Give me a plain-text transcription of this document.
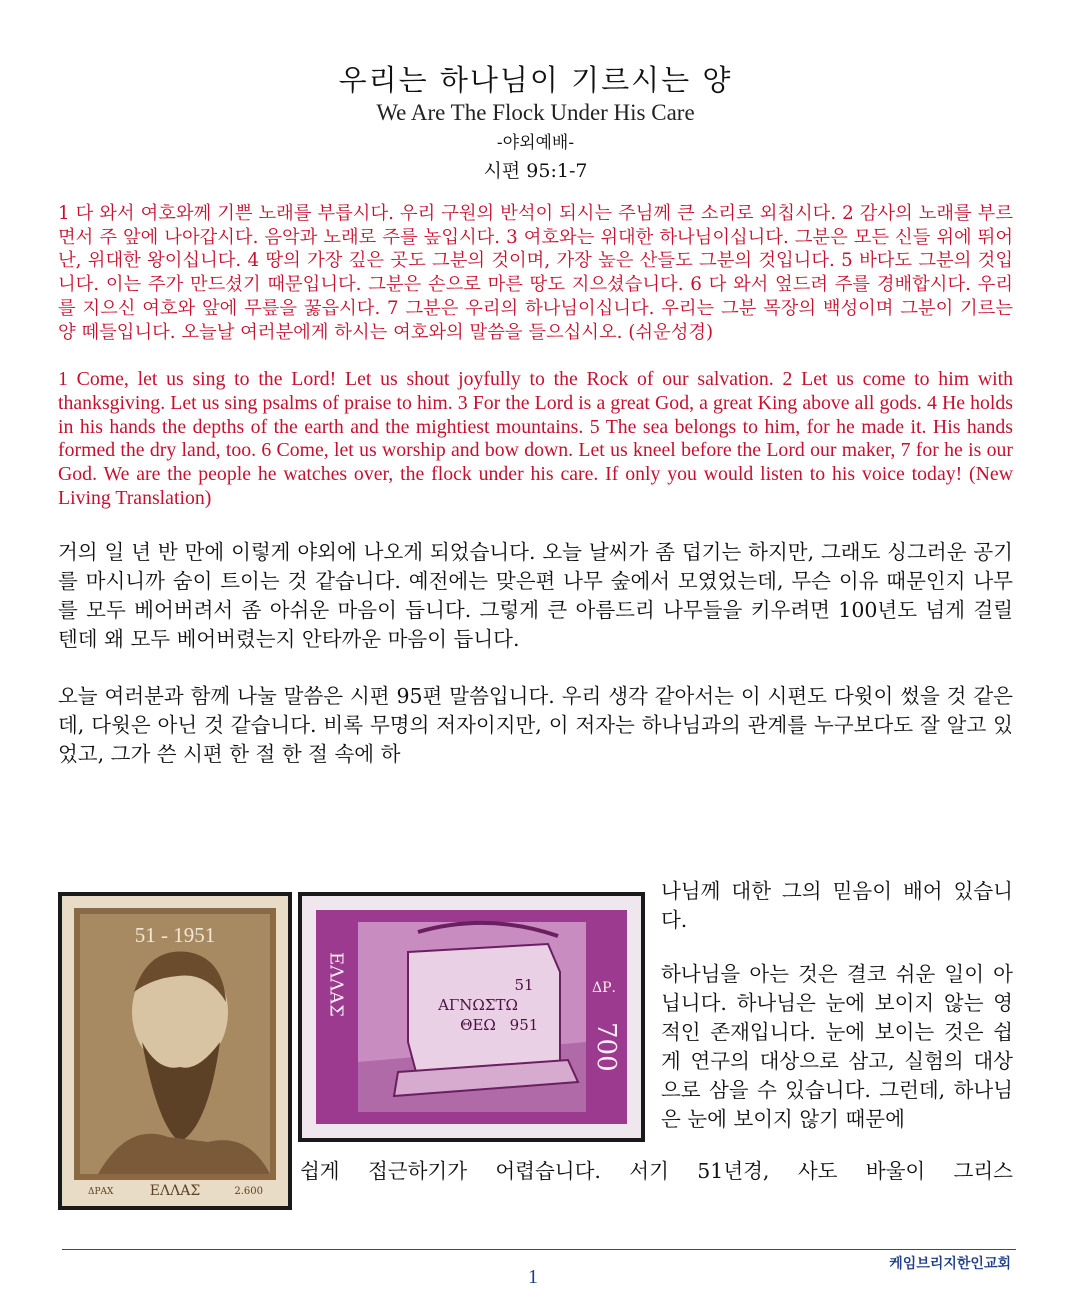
우리는 하나님이 기르시는 양
We Are The Flock Under His Care
-야외예배-
시편 95:1-7
1 다 와서 여호와께 기쁜 노래를 부릅시다. 우리 구원의 반석이 되시는 주님께 큰 소리로 외칩시다. 2 감사의 노래를 부르면서 주 앞에 나아갑시다. 음악과 노래로 주를 높입시다. 3 여호와는 위대한 하나님이십니다. 그분은 모든 신들 위에 뛰어난, 위대한 왕이십니다. 4 땅의 가장 깊은 곳도 그분의 것이며, 가장 높은 산들도 그분의 것입니다. 5 바다도 그분의 것입니다. 이는 주가 만드셨기 때문입니다. 그분은 손으로 마른 땅도 지으셨습니다. 6 다 와서 엎드려 주를 경배합시다. 우리를 지으신 여호와 앞에 무릎을 꿇읍시다. 7 그분은 우리의 하나님이십니다. 우리는 그분 목장의 백성이며 그분이 기르는 양 떼들입니다. 오늘날 여러분에게 하시는 여호와의 말씀을 들으십시오. (쉬운성경)
1 Come, let us sing to the Lord! Let us shout joyfully to the Rock of our salvation. 2 Let us come to him with thanksgiving. Let us sing psalms of praise to him. 3 For the Lord is a great God, a great King above all gods. 4 He holds in his hands the depths of the earth and the mightiest mountains. 5 The sea belongs to him, for he made it. His hands formed the dry land, too. 6 Come, let us worship and bow down. Let us kneel before the Lord our maker, 7 for he is our God. We are the people he watches over, the flock under his care. If only you would listen to his voice today! (New Living Translation)
거의 일 년 반 만에 이렇게 야외에 나오게 되었습니다. 오늘 날씨가 좀 덥기는 하지만, 그래도 싱그러운 공기를 마시니까 숨이 트이는 것 같습니다. 예전에는 맞은편 나무 숲에서 모였었는데, 무슨 이유 때문인지 나무를 모두 베어버려서 좀 아쉬운 마음이 듭니다. 그렇게 큰 아름드리 나무들을 키우려면 100년도 넘게 걸릴 텐데 왜 모두 베어버렸는지 안타까운 마음이 듭니다.
오늘 여러분과 함께 나눌 말씀은 시편 95편 말씀입니다. 우리 생각 같아서는 이 시편도 다윗이 썼을 것 같은데, 다윗은 아닌 것 같습니다. 비록 무명의 저자이지만, 이 저자는 하나님과의 관계를 누구보다도 잘 알고 있었고, 그가 쓴 시편 한 절 한 절 속에 하
51 - 1951
ΔΡΑΧ	ΕΛΛΑΣ	2.600
ΕΛΛΑΣ	ΑΓΝΩΣΤΩ
ΘΕΩ
51
951
ΔΡ.
700
나님께 대한 그의 믿음이 배어 있습니다.
하나님을 아는 것은 결코 쉬운 일이 아닙니다. 하나님은 눈에 보이지 않는 영적인 존재입니다. 눈에 보이는 것은 쉽게 연구의 대상으로 삼고, 실험의 대상으로 삼을 수 있습니다. 그런데, 하나님은 눈에 보이지 않기 때문에
쉽게 접근하기가 어렵습니다. 서기 51년경, 사도 바울이 그리스
1
케임브리지한인교회
